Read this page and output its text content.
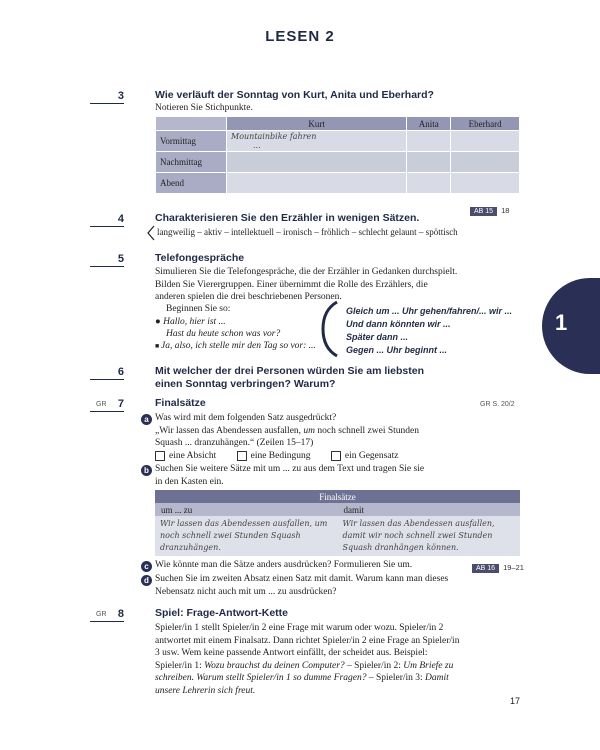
LESEN 2
1
3	Wie verläuft der Sonntag von Kurt, Anita und Eberhard?
Notieren Sie Stichpunkte.
	Kurt	Anita	Eberhard
Vormittag	Mountainbike fahren
...		

Nachmittag			
Abend			
AB 15 18
4	Charakterisieren Sie den Erzähler in wenigen Sätzen.
langweilig – aktiv – intellektuell – ironisch – fröhlich – schlecht gelaunt – spöttisch
5	Telefongespräche
Simulieren Sie die Telefongespräche, die der Erzähler in Gedanken durchspielt. Bilden Sie Vierergruppen. Einer übernimmt die Rolle des Erzählers, die anderen spielen die drei beschriebenen Personen.
Beginnen Sie so:
● Hallo, hier ist ...
Hast du heute schon was vor?
■ Ja, also, ich stelle mir den Tag so vor: ...
Gleich um ... Uhr gehen/fahren/... wir ...
Und dann könnten wir ...
Später dann ...
Gegen ... Uhr beginnt ...
6	Mit welcher der drei Personen würden Sie am liebsten einen Sonntag verbringen? Warum?
GR	7	Finalsätze	GR S. 20/2
a Was wird mit dem folgenden Satz ausgedrückt?
„Wir lassen das Abendessen ausfallen, um noch schnell zwei Stunden Squash ... dranzuhängen.“ (Zeilen 15–17)
eine Absicht	eine Bedingung	ein Gegensatz
b Suchen Sie weitere Sätze mit um ... zu aus dem Text und tragen Sie sie in den Kasten ein.
Finalsätze	
um ... zu	damit

Wir lassen das Abendessen ausfallen, um noch schnell zwei Stunden Squash dranzuhängen.	Wir lassen das Abendessen ausfallen, damit wir noch schnell zwei Stunden Squash dranhängen können.
AB 16 19–21
c Wie könnte man die Sätze anders ausdrücken? Formulieren Sie um.
d Suchen Sie im zweiten Absatz einen Satz mit damit. Warum kann man dieses Nebensatz nicht auch mit um ... zu ausdrücken?
GR	8	Spiel: Frage-Antwort-Kette
Spieler/in 1 stellt Spieler/in 2 eine Frage mit warum oder wozu. Spieler/in 2 antwortet mit einem Finalsatz. Dann richtet Spieler/in 2 eine Frage an Spieler/in 3 usw. Wem keine passende Antwort einfällt, der scheidet aus. Beispiel: Spieler/in 1: Wozu brauchst du deinen Computer? – Spieler/in 2: Um Briefe zu schreiben. Warum stellt Spieler/in 1 so dumme Fragen? – Spieler/in 3: Damit unsere Lehrerin sich freut.
17
